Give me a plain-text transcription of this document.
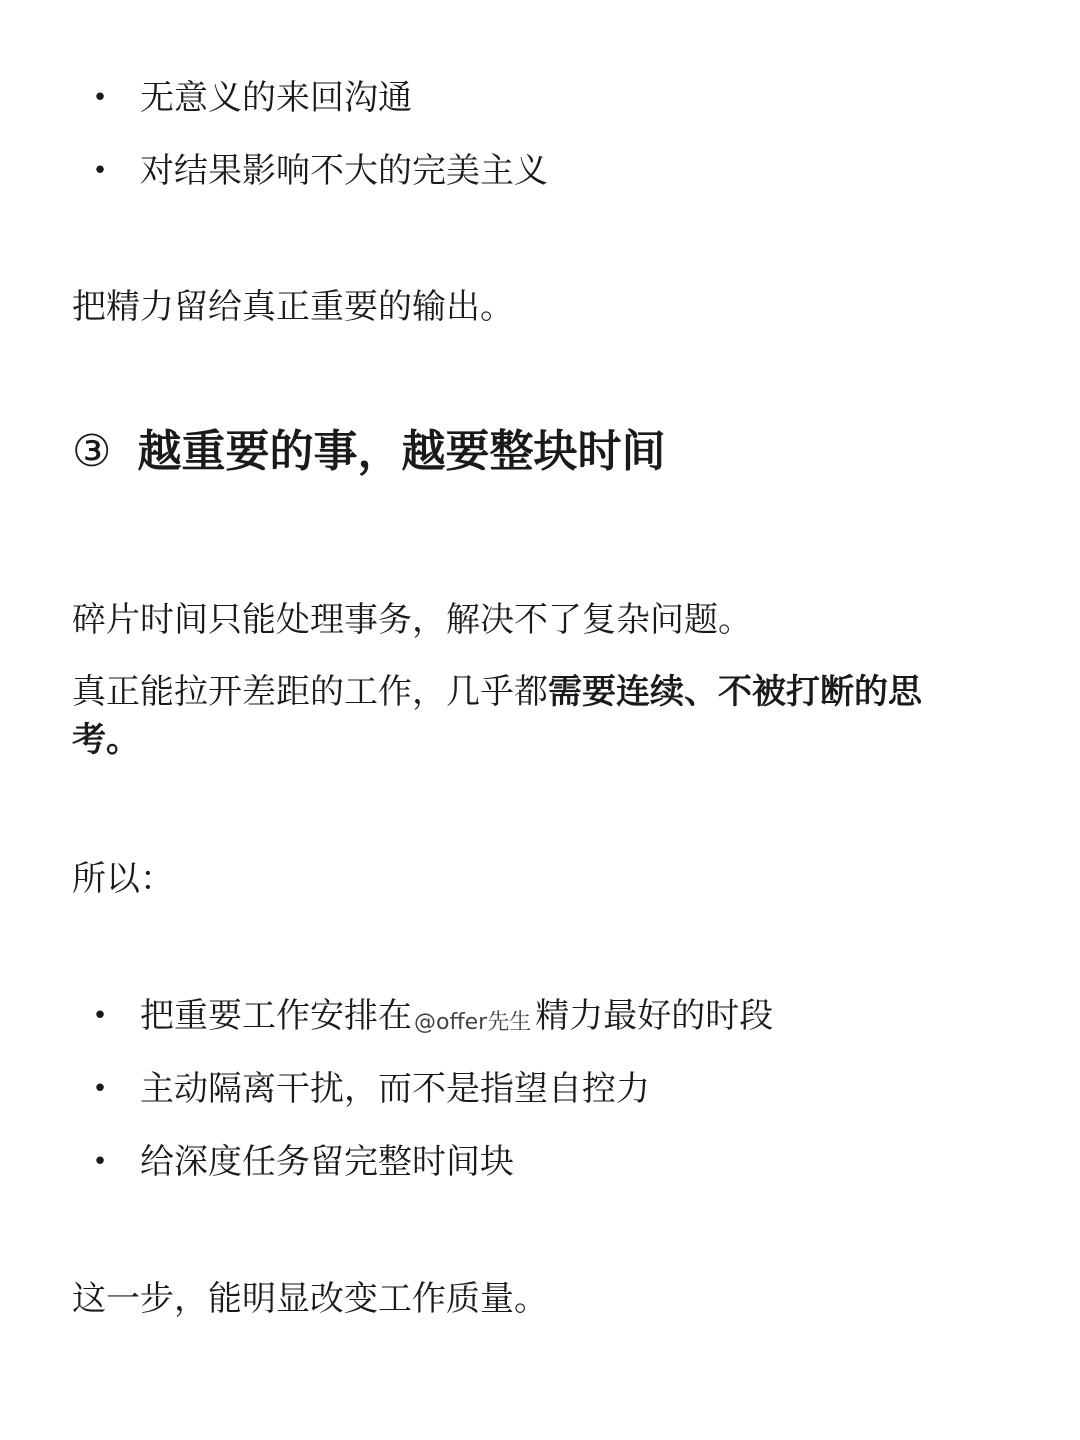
• 无意义的来回沟通
• 对结果影响不大的完美主义
把精力留给真正重要的输出。
③ 越重要的事，越要整块时间
碎片时间只能处理事务，解决不了复杂问题。
真正能拉开差距的工作，几乎都需要连续、不被打断的思
考。
所以：
• 把重要工作安排在@offer先生 精力最好的时段
• 主动隔离干扰，而不是指望自控力
• 给深度任务留完整时间块
这一步，能明显改变工作质量。
